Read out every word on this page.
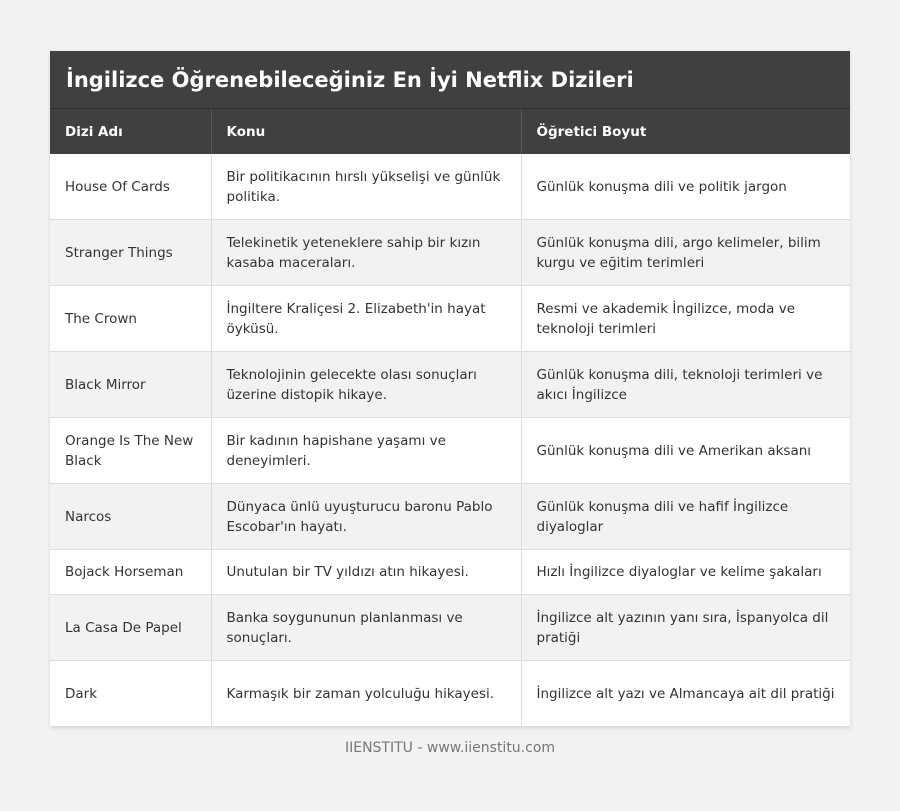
İngilizce Öğrenebileceğiniz En İyi Netflix Dizileri
Dizi Adı	Konu	Öğretici Boyut
House Of Cards	Bir politikacının hırslı yükselişi ve günlük politika.	Günlük konuşma dili ve politik jargon
Stranger Things	Telekinetik yeteneklere sahip bir kızın kasaba maceraları.	Günlük konuşma dili, argo kelimeler, bilim kurgu ve eğitim terimleri
The Crown	İngiltere Kraliçesi 2. Elizabeth'in hayat öyküsü.	Resmi ve akademik İngilizce, moda ve teknoloji terimleri
Black Mirror	Teknolojinin gelecekte olası sonuçları üzerine distopik hikaye.	Günlük konuşma dili, teknoloji terimleri ve akıcı İngilizce
Orange Is The New Black	Bir kadının hapishane yaşamı ve deneyimleri.	Günlük konuşma dili ve Amerikan aksanı
Narcos	Dünyaca ünlü uyuşturucu baronu Pablo Escobar'ın hayatı.	Günlük konuşma dili ve hafif İngilizce diyaloglar
Bojack Horseman	Unutulan bir TV yıldızı atın hikayesi.	Hızlı İngilizce diyaloglar ve kelime şakaları
La Casa De Papel	Banka soygununun planlanması ve sonuçları.	İngilizce alt yazının yanı sıra, İspanyolca dil pratiği
Dark	Karmaşık bir zaman yolculuğu hikayesi.	İngilizce alt yazı ve Almancaya ait dil pratiği
IIENSTITU - www.iienstitu.com
